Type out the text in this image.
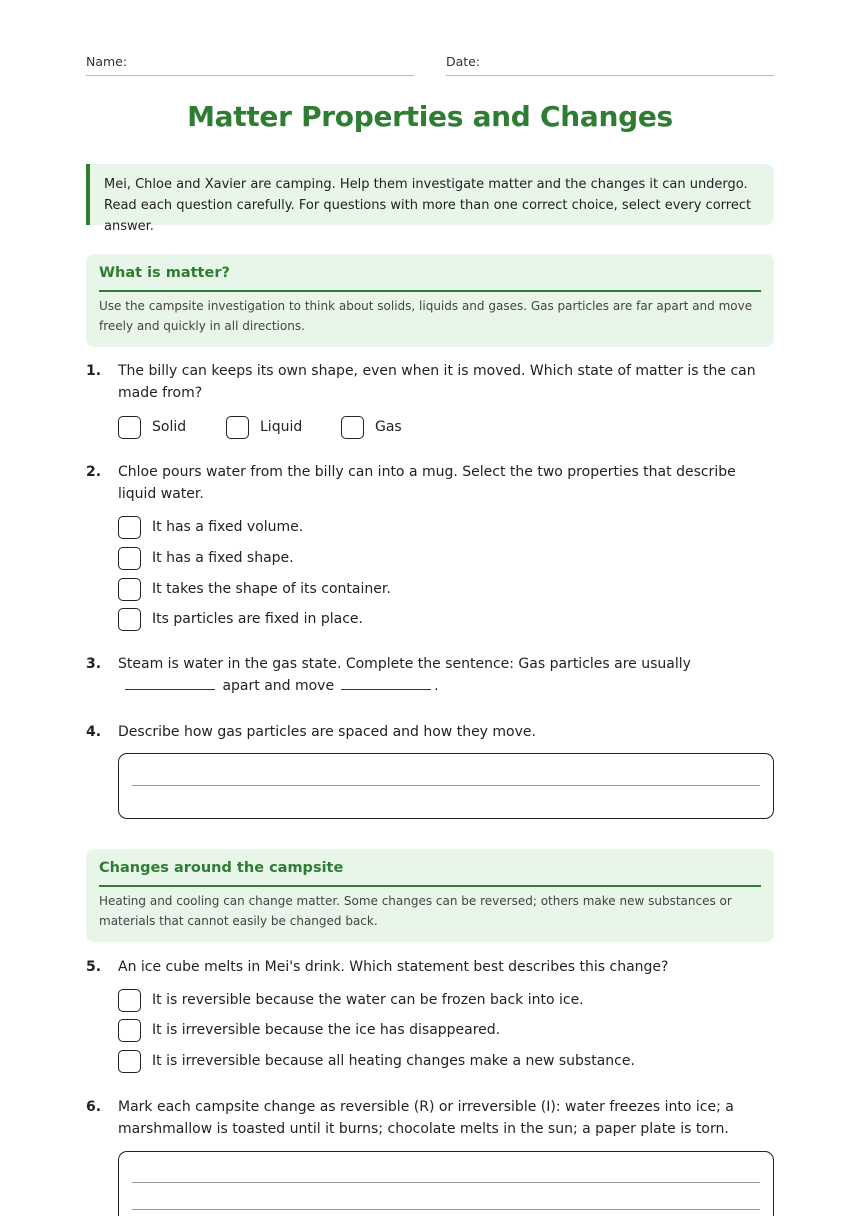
Name:	Date:
Matter Properties and Changes
Mei, Chloe and Xavier are camping. Help them investigate matter and the changes it can undergo. Read each question carefully. For questions with more than one correct choice, select every correct answer.
What is matter?
Use the campsite investigation to think about solids, liquids and gases. Gas particles are far apart and move freely and quickly in all directions.
1. The billy can keeps its own shape, even when it is moved. Which state of matter is the can made from?
Solid	Liquid	Gas
2. Chloe pours water from the billy can into a mug. Select the two properties that describe liquid water.
It has a fixed volume.
It has a fixed shape.
It takes the shape of its container.
Its particles are fixed in place.
3. Steam is water in the gas state. Complete the sentence: Gas particles are usually apart and move	.
4. Describe how gas particles are spaced and how they move.
Changes around the campsite
Heating and cooling can change matter. Some changes can be reversed; others make new substances or materials that cannot easily be changed back.
5. An ice cube melts in Mei's drink. Which statement best describes this change?
It is reversible because the water can be frozen back into ice.
It is irreversible because the ice has disappeared.
It is irreversible because all heating changes make a new substance.
6. Mark each campsite change as reversible (R) or irreversible (I): water freezes into ice; a marshmallow is toasted until it burns; chocolate melts in the sun; a paper plate is torn.
